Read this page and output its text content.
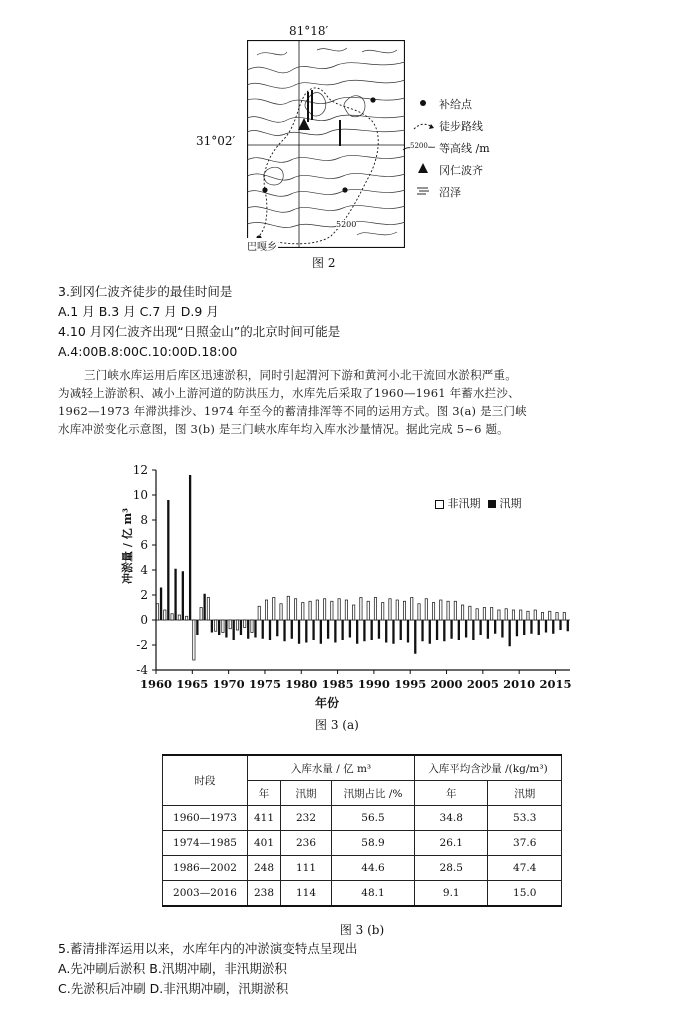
81°18′
31°02′
5200
巴嘎乡
补给点
徒步路线
5200 等高线 /m
冈仁波齐
沼泽
图 2
3.到冈仁波齐徒步的最佳时间是
A.1 月 B.3 月 C.7 月 D.9 月
4.10 月冈仁波齐出现“日照金山”的北京时间可能是
A.4:00B.8:00C.10:00D.18:00
三门峡水库运用后库区迅速淤积，同时引起渭河下游和黄河小北干流回水淤积严重。
为减轻上游淤积、减小上游河道的防洪压力，水库先后采取了1960—1961 年蓄水拦沙、
1962—1973 年滞洪排沙、1974 年至今的蓄清排浑等不同的运用方式。图 3(a) 是三门峡
水库冲淤变化示意图，图 3(b) 是三门峡水库年均入库水沙量情况。据此完成 5~6 题。
12
10
8
6
4
2
0
-2
-4
1960 1965 1970 1975 1980 1985 1990 1995 2000 2005 2010 2015
非汛期 汛期
冲淤量 / 亿 m³
年份
图 3 (a)
时段	入库水量 / 亿 m³			入库平均含沙量 /(kg/m³)	
	年	汛期	汛期占比 /%	年	汛期
1960—1973	411	232	56.5	34.8	53.3
1974—1985	401	236	58.9	26.1	37.6
1986—2002	248	111	44.6	28.5	47.4
2003—2016	238	114	48.1	9.1	15.0
图 3 (b)
5.蓄清排浑运用以来，水库年内的冲淤演变特点呈现出
A.先冲刷后淤积 B.汛期冲刷，非汛期淤积
C.先淤积后冲刷 D.非汛期冲刷，汛期淤积
